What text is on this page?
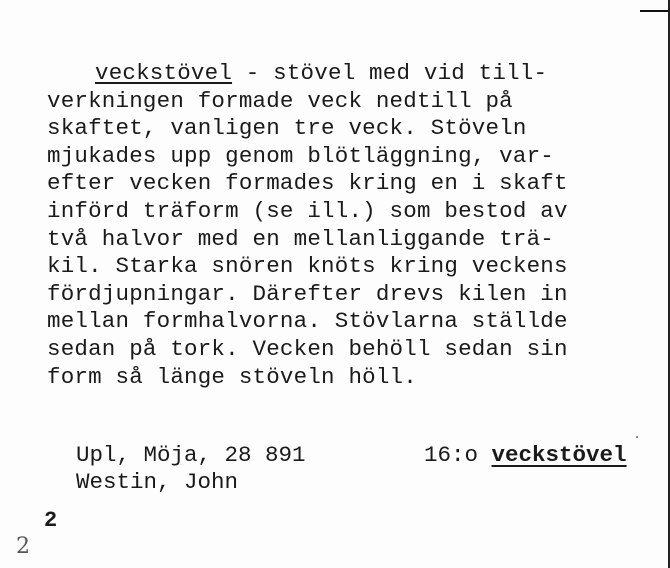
veckstövel - stövel med vid till-
verkningen formade veck nedtill på
skaftet, vanligen tre veck. Stöveln
mjukades upp genom blötläggning, var-
efter vecken formades kring en i skaft
införd träform (se ill.) som bestod av
två halvor med en mellanliggande trä-
kil. Starka snören knöts kring veckens
fördjupningar. Därefter drevs kilen in
mellan formhalvorna. Stövlarna ställde
sedan på tork. Vecken behöll sedan sin
form så länge stöveln höll.
Upl, Möja, 28 891
Westin, John
16:o veckstövel
2
2
